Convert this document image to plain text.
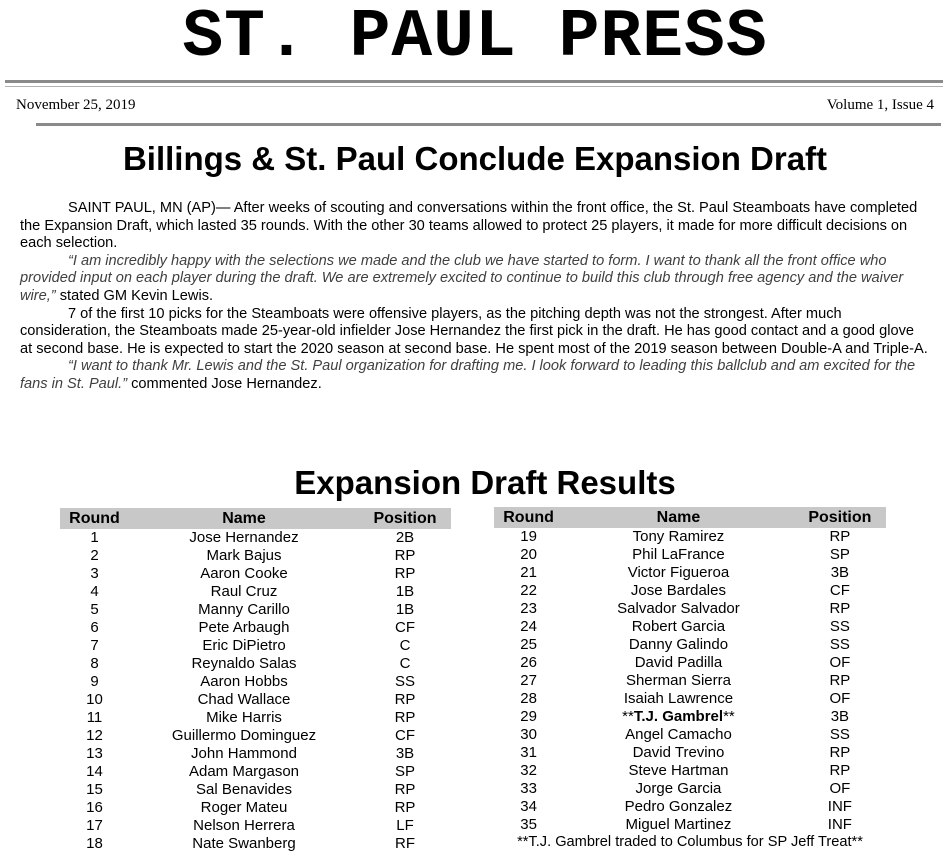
ST. PAUL PRESS
November 25, 2019	Volume 1, Issue 4
Billings & St. Paul Conclude Expansion Draft

SAINT PAUL, MN (AP)— After weeks of scouting and conversations within the front office, the St. Paul Steamboats have completed the Expansion Draft, which lasted 35 rounds. With the other 30 teams allowed to protect 25 players, it made for more difficult decisions on each selection.

“I am incredibly happy with the selections we made and the club we have started to form. I want to thank all the front office who provided input on each player during the draft. We are extremely excited to continue to build this club through free agency and the waiver wire,” stated GM Kevin Lewis.

7 of the first 10 picks for the Steamboats were offensive players, as the pitching depth was not the strongest. After much consideration, the Steamboats made 25-year-old infielder Jose Hernandez the first pick in the draft. He has good contact and a good glove at second base. He is expected to start the 2020 season at second base. He spent most of the 2019 season between Double-A and Triple-A.

“I want to thank Mr. Lewis and the St. Paul organization for drafting me. I look forward to leading this ballclub and am excited for the fans in St. Paul.” commented Jose Hernandez.

Expansion Draft Results
Round	Name	Position
1	Jose Hernandez	2B
2	Mark Bajus	RP
3	Aaron Cooke	RP
4	Raul Cruz	1B
5	Manny Carillo	1B
6	Pete Arbaugh	CF
7	Eric DiPietro	C
8	Reynaldo Salas	C
9	Aaron Hobbs	SS
10	Chad Wallace	RP
11	Mike Harris	RP
12	Guillermo Dominguez	CF
13	John Hammond	3B
14	Adam Margason	SP
15	Sal Benavides	RP
16	Roger Mateu	RP
17	Nelson Herrera	LF
18	Nate Swanberg	RF
Round	Name	Position
19	Tony Ramirez	RP
20	Phil LaFrance	SP
21	Victor Figueroa	3B
22	Jose Bardales	CF
23	Salvador Salvador	RP
24	Robert Garcia	SS
25	Danny Galindo	SS
26	David Padilla	OF
27	Sherman Sierra	RP
28	Isaiah Lawrence	OF
29	**T.J. Gambrel**	3B
30	Angel Camacho	SS
31	David Trevino	RP
32	Steve Hartman	RP
33	Jorge Garcia	OF
34	Pedro Gonzalez	INF
35	Miguel Martinez	INF
**T.J. Gambrel traded to Columbus for SP Jeff Treat**
